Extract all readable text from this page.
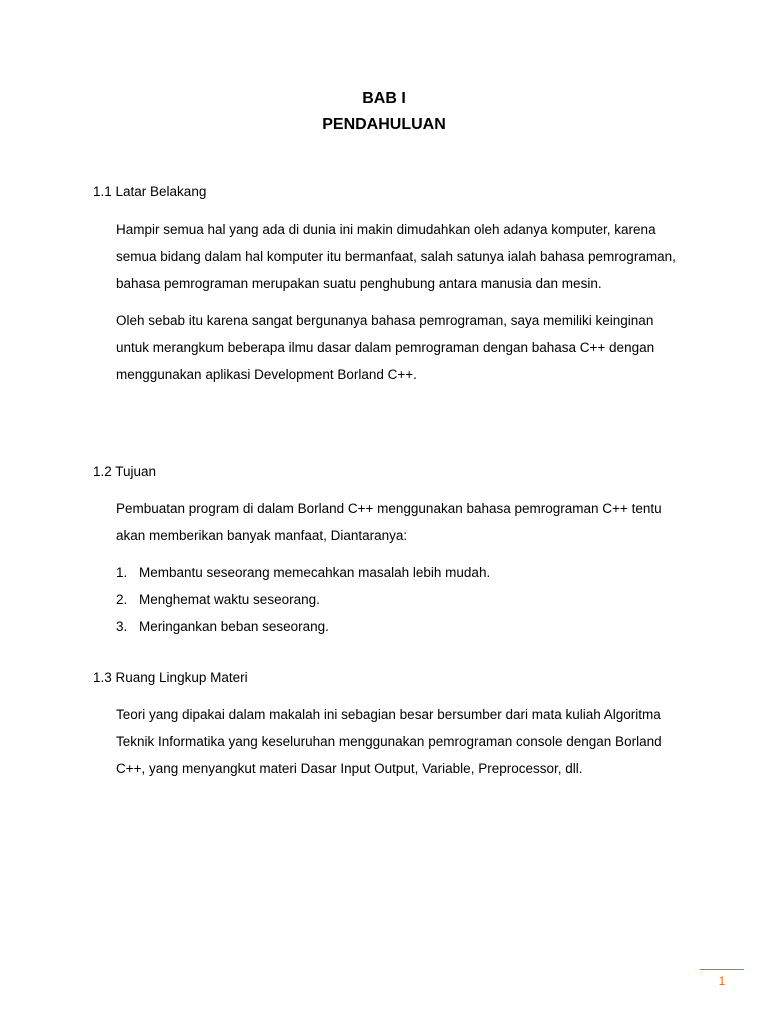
BAB I
PENDAHULUAN
1.1 Latar Belakang

Hampir semua hal yang ada di dunia ini makin dimudahkan oleh adanya komputer, karena semua bidang dalam hal komputer itu bermanfaat, salah satunya ialah bahasa pemrograman, bahasa pemrograman merupakan suatu penghubung antara manusia dan mesin.

Oleh sebab itu karena sangat bergunanya bahasa pemrograman, saya memiliki keinginan untuk merangkum beberapa ilmu dasar dalam pemrograman dengan bahasa C++ dengan menggunakan aplikasi Development Borland C++.

1.2 Tujuan

Pembuatan program di dalam Borland C++ menggunakan bahasa pemrograman C++ tentu akan memberikan banyak manfaat, Diantaranya:

1. Membantu seseorang memecahkan masalah lebih mudah.
2. Menghemat waktu seseorang.
3. Meringankan beban seseorang.
1.3 Ruang Lingkup Materi

Teori yang dipakai dalam makalah ini sebagian besar bersumber dari mata kuliah Algoritma Teknik Informatika yang keseluruhan menggunakan pemrograman console dengan Borland C++, yang menyangkut materi Dasar Input Output, Variable, Preprocessor, dll.

1
